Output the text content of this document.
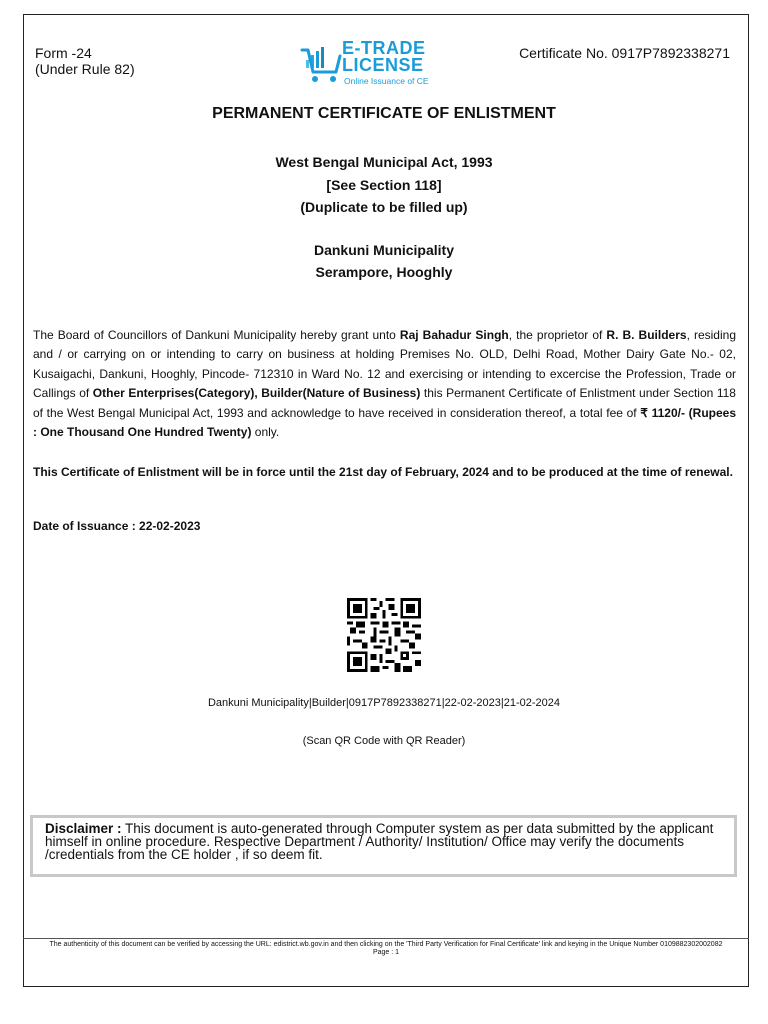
Form -24
(Under Rule 82)
E-TRADE
LICENSE
Online Issuance of CE
Certificate No. 0917P7892338271
PERMANENT CERTIFICATE OF ENLISTMENT
West Bengal Municipal Act, 1993
[See Section 118]
(Duplicate to be filled up)
Dankuni Municipality
Serampore, Hooghly
The Board of Councillors of Dankuni Municipality hereby grant unto Raj Bahadur Singh, the proprietor of R. B. Builders, residing and / or carrying on or intending to carry on business at holding Premises No. OLD, Delhi Road, Mother Dairy Gate No.- 02, Kusaigachi, Dankuni, Hooghly, Pincode- 712310 in Ward No. 12 and exercising or intending to excercise the Profession, Trade or Callings of Other Enterprises(Category), Builder(Nature of Business) this Permanent Certificate of Enlistment under Section 118 of the West Bengal Municipal Act, 1993 and acknowledge to have received in consideration thereof, a total fee of ₹ 1120/- (Rupees : One Thousand One Hundred Twenty) only.
This Certificate of Enlistment will be in force until the 21st day of February, 2024 and to be produced at the time of renewal.
Date of Issuance : 22-02-2023
Dankuni Municipality|Builder|0917P7892338271|22-02-2023|21-02-2024
(Scan QR Code with QR Reader)
Disclaimer : This document is auto-generated through Computer system as per data submitted by the applicant himself in online procedure. Respective Department / Authority/ Institution/ Office may verify the documents /credentials from the CE holder , if so deem fit.
The authenticity of this document can be verified by accessing the URL: edistrict.wb.gov.in and then clicking on the 'Third Party Verification for Final Certificate' link and keying in the Unique Number 0109882302002082
Page : 1
